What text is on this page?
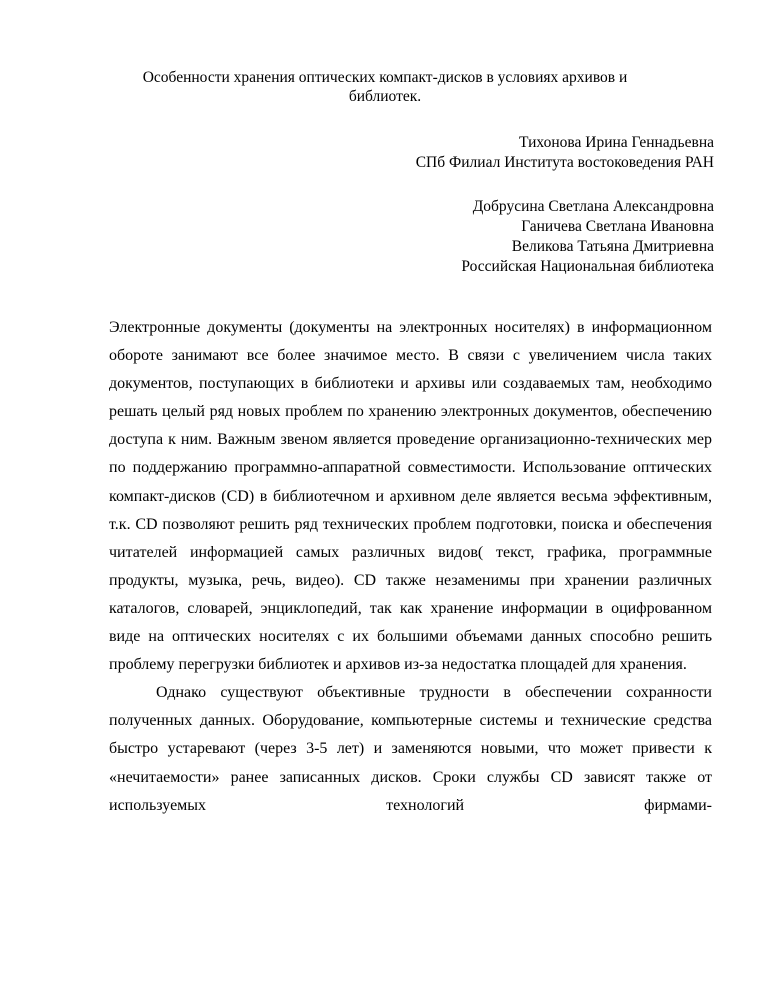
Особенности хранения оптических компакт-дисков в условиях архивов и библиотек.
Тихонова Ирина Геннадьевна
СПб Филиал Института востоковедения РАН
Добрусина Светлана Александровна
Ганичева Светлана Ивановна
Великова Татьяна Дмитриевна
Российская Национальная библиотека

Электронные документы (документы на электронных носителях) в информационном обороте занимают все более значимое место. В связи с увеличением числа таких документов, поступающих в библиотеки и архивы или создаваемых там, необходимо решать целый ряд новых проблем по хранению электронных документов, обеспечению доступа к ним. Важным звеном является проведение организационно-технических мер по поддержанию программно-аппаратной совместимости. Использование оптических компакт-дисков (CD) в библиотечном и архивном деле является весьма эффективным, т.к. CD позволяют решить ряд технических проблем подготовки, поиска и обеспечения читателей информацией самых различных видов( текст, графика, программные продукты, музыка, речь, видео). CD также незаменимы при хранении различных каталогов, словарей, энциклопедий, так как хранение информации в оцифрованном виде на оптических носителях с их большими объемами данных способно решить проблему перегрузки библиотек и архивов из-за недостатка площадей для хранения.

Однако существуют объективные трудности в обеспечении сохранности полученных данных. Оборудование, компьютерные системы и технические средства быстро устаревают (через 3-5 лет) и заменяются новыми, что может привести к «нечитаемости» ранее записанных дисков. Сроки службы CD зависят также от используемых технологий фирмами-
